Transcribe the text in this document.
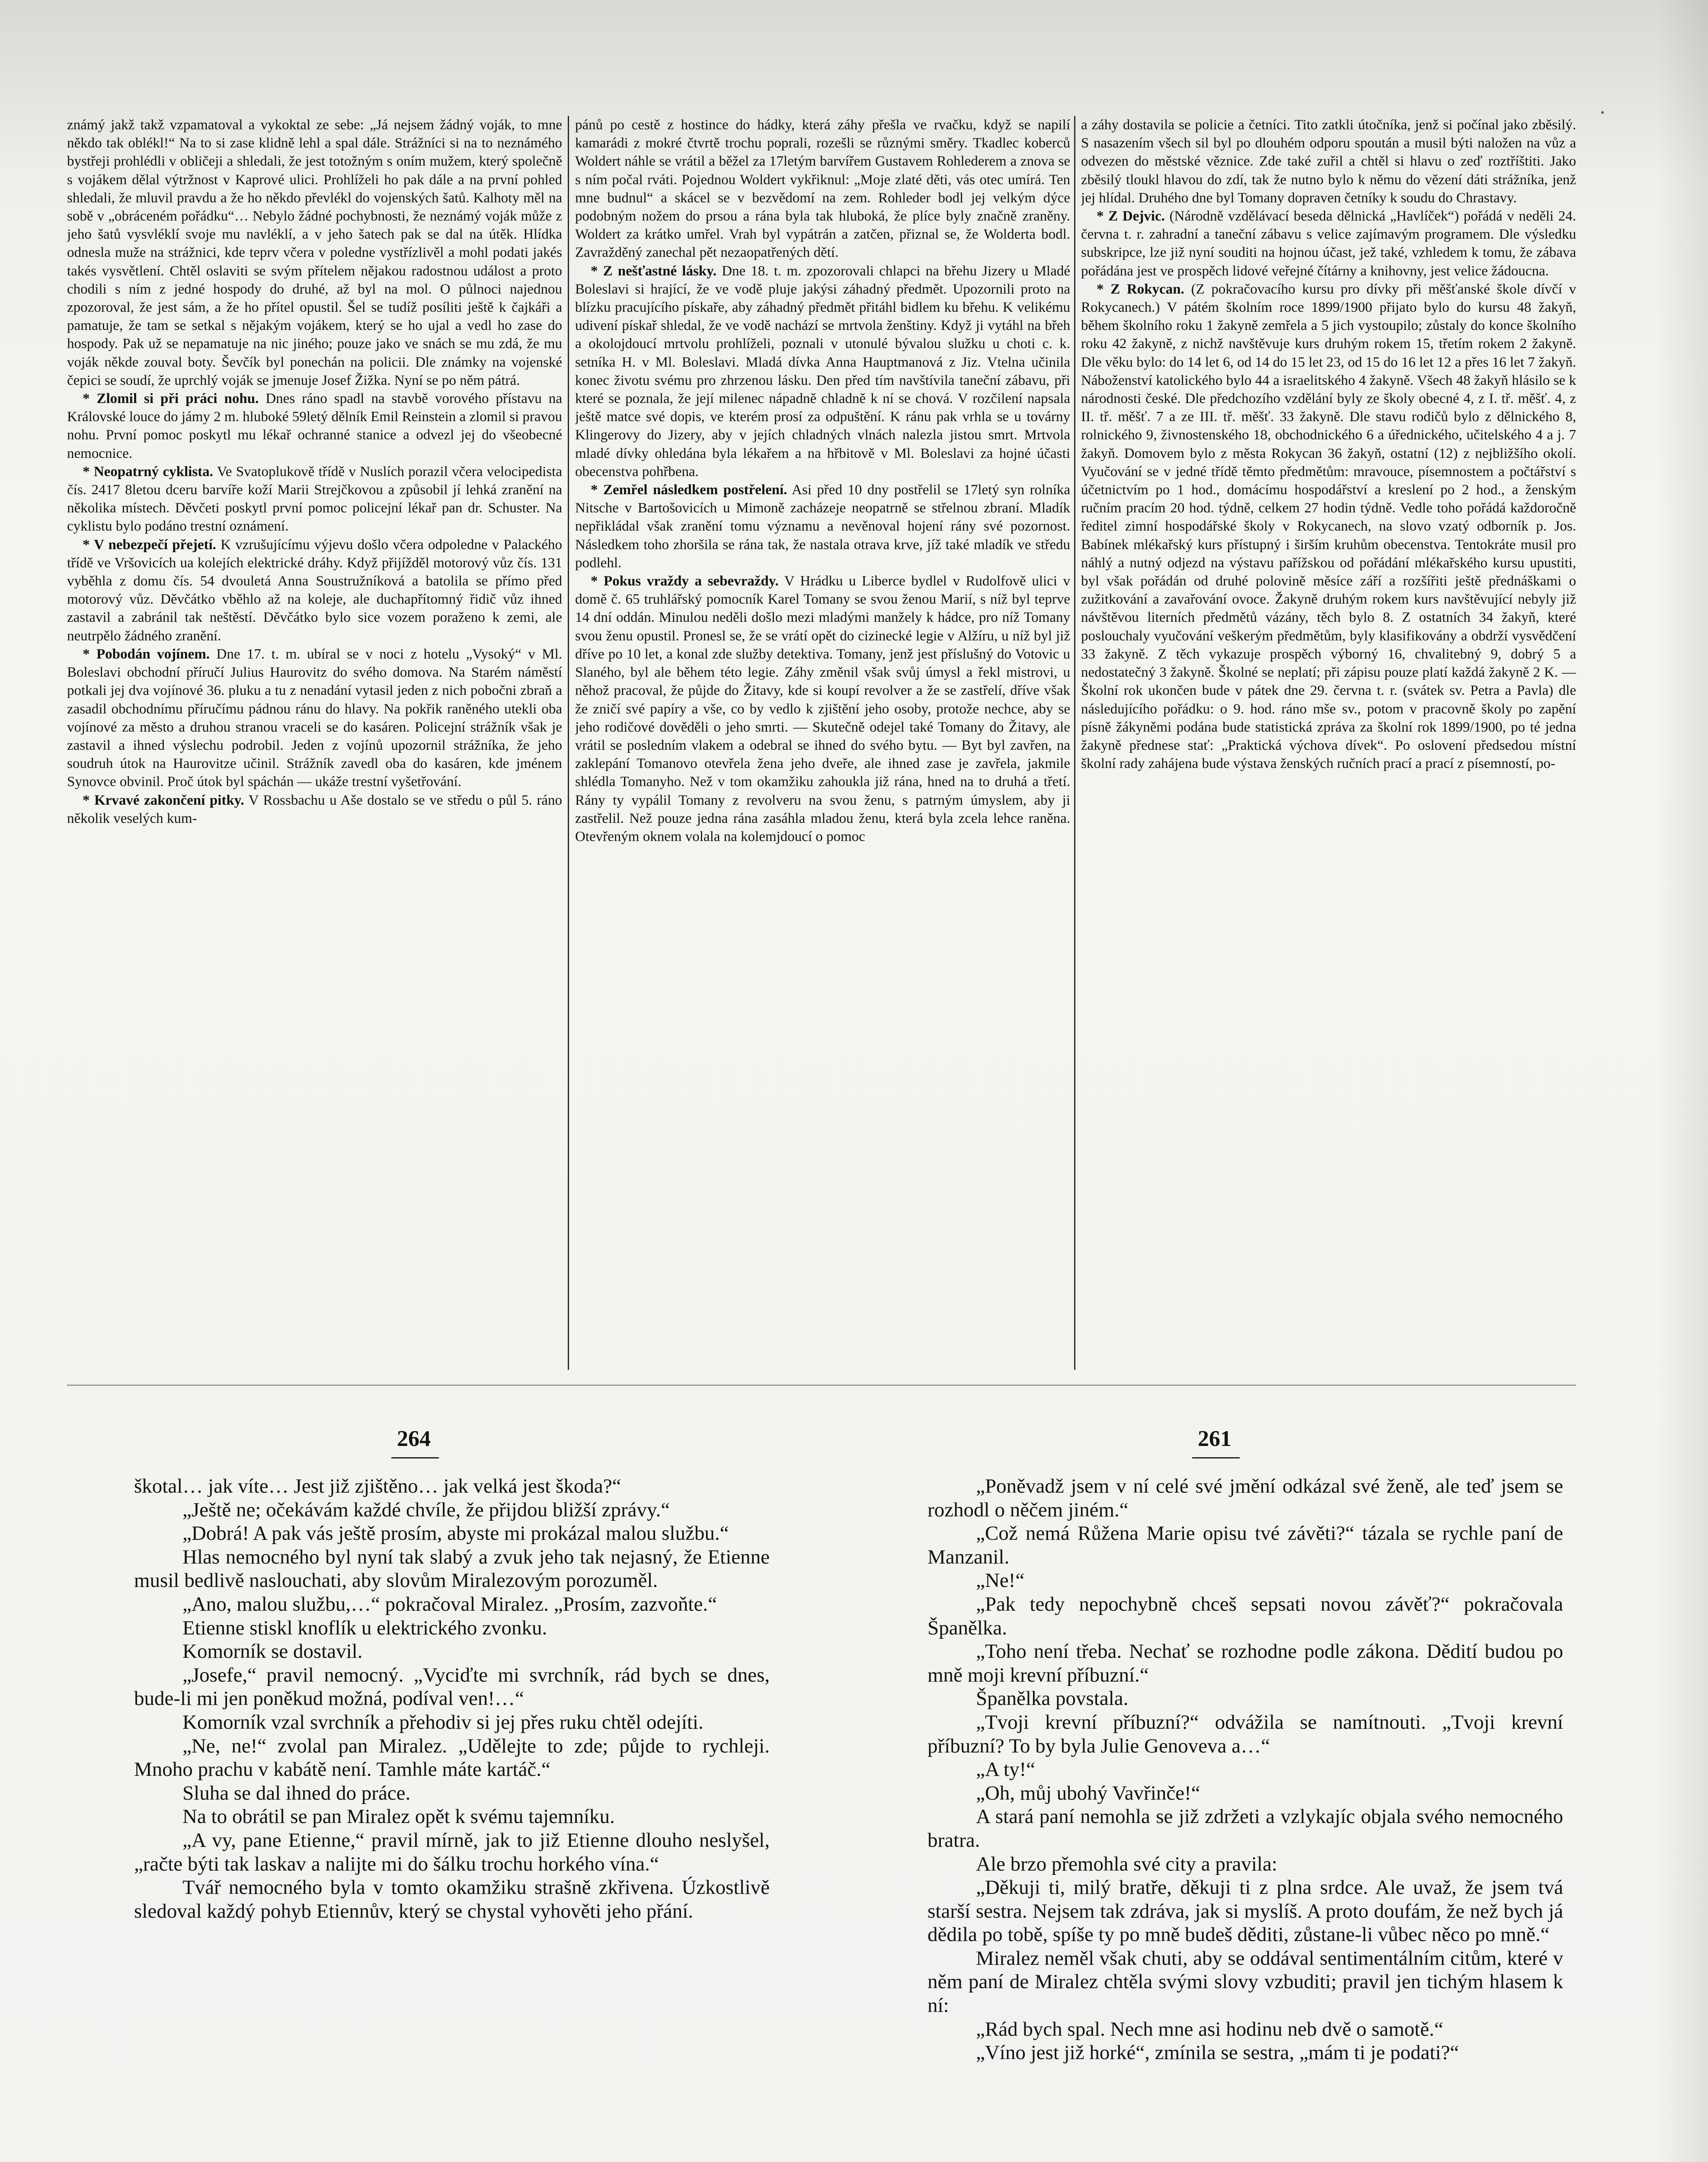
známý jakž takž vzpamatoval a vykoktal ze sebe: „Já nejsem žádný voják, to mne někdo tak oblékl!“ Na to si zase klidně lehl a spal dále. Strážníci si na to neznámého bystřeji prohlédli v obličeji a shledali, že jest totožným s oním mužem, který společně s vojákem dělal výtržnost v Kaprové ulici. Prohlíželi ho pak dále a na první pohled shledali, že mluvil pravdu a že ho někdo převlékl do vojenských šatů. Kalhoty měl na sobě v „obráceném pořádku“… Nebylo žádné pochybnosti, že neznámý voják může z jeho šatů vysvléklí svoje mu navléklí, a v jeho šatech pak se dal na útěk. Hlídka odnesla muže na strážnici, kde teprv včera v poledne vystřízlivěl a mohl podati jakés takés vysvětlení. Chtěl oslaviti se svým přítelem nějakou radostnou událost a proto chodili s ním z jedné hospody do druhé, až byl na mol. O půlnoci najednou zpozoroval, že jest sám, a že ho přítel opustil. Šel se tudíž posíliti ještě k čajkáři a pamatuje, že tam se setkal s nějakým vojákem, který se ho ujal a vedl ho zase do hospody. Pak už se nepamatuje na nic jiného; pouze jako ve snách se mu zdá, že mu voják někde zouval boty. Ševčík byl ponechán na policii. Dle známky na vojenské čepici se soudí, že uprchlý voják se jmenuje Josef Žižka. Nyní se po něm pátrá.

* Zlomil si při práci nohu. Dnes ráno spadl na stavbě vorového přístavu na Královské louce do jámy 2 m. hluboké 59letý dělník Emil Reinstein a zlomil si pravou nohu. První pomoc poskytl mu lékař ochranné stanice a odvezl jej do všeobecné nemocnice.

* Neopatrný cyklista. Ve Svatoplukově třídě v Nuslích porazil včera velocipedista čís. 2417 8letou dceru barvíře koží Marii Strejčkovou a způsobil jí lehká zranění na několika místech. Děvčeti poskytl první pomoc policejní lékař pan dr. Schuster. Na cyklistu bylo podáno trestní oznámení.

* V nebezpečí přejetí. K vzrušujícímu výjevu došlo včera odpoledne v Palackého třídě ve Vršovicích ua kolejích elektrické dráhy. Když přijížděl motorový vůz čís. 131 vyběhla z domu čís. 54 dvouletá Anna Soustružníková a batolila se přímo před motorový vůz. Děvčátko vběhlo až na koleje, ale duchapřítomný řidič vůz ihned zastavil a zabránil tak neštěstí. Děvčátko bylo sice vozem poraženo k zemi, ale neutrpělo žádného zranění.

* Pobodán vojínem. Dne 17. t. m. ubíral se v noci z hotelu „Vysoký“ v Ml. Boleslavi obchodní příručí Julius Haurovitz do svého domova. Na Starém náměstí potkali jej dva vojínové 36. pluku a tu z nenadání vytasil jeden z nich pobočni zbraň a zasadil obchodnímu příručímu pádnou ránu do hlavy. Na pokřik raněného utekli oba vojínové za město a druhou stranou vraceli se do kasáren. Policejní strážník však je zastavil a ihned výslechu podrobil. Jeden z vojínů upozornil strážníka, že jeho soudruh útok na Haurovitze učinil. Strážník zavedl oba do kasáren, kde jménem Synovce obvinil. Proč útok byl spáchán — ukáže trestní vyšetřování.

* Krvavé zakončení pitky. V Rossbachu u Aše dostalo se ve středu o půl 5. ráno několik veselých kum-

pánů po cestě z hostince do hádky, která záhy přešla ve rvačku, když se napilí kamarádi z mokré čtvrtě trochu poprali, rozešli se různými směry. Tkadlec koberců Woldert náhle se vrátil a běžel za 17letým barvířem Gustavem Rohlederem a znova se s ním počal rváti. Pojednou Woldert vykřiknul: „Moje zlaté děti, vás otec umírá. Ten mne budnul“ a skácel se v bezvědomí na zem. Rohleder bodl jej velkým dýce podobným nožem do prsou a rána byla tak hluboká, že plíce byly značně zraněny. Woldert za krátko umřel. Vrah byl vypátrán a zatčen, přiznal se, že Wolderta bodl. Zavražděný zanechal pět nezaopatřených dětí.

* Z nešťastné lásky. Dne 18. t. m. zpozorovali chlapci na břehu Jizery u Mladé Boleslavi si hrající, že ve vodě pluje jakýsi záhadný předmět. Upozornili proto na blízku pracujícího pískaře, aby záhadný předmět přitáhl bidlem ku břehu. K velikému udivení pískař shledal, že ve vodě nachází se mrtvola ženštiny. Když ji vytáhl na břeh a okolojdoucí mrtvolu prohlíželi, poznali v utonulé bývalou služku u choti c. k. setníka H. v Ml. Boleslavi. Mladá dívka Anna Hauptmanová z Jiz. Vtelna učinila konec životu svému pro zhrzenou lásku. Den před tím navštívila taneční zábavu, při které se poznala, že její milenec nápadně chladně k ní se chová. V rozčilení napsala ještě matce své dopis, ve kterém prosí za odpuštění. K ránu pak vrhla se u továrny Klingerovy do Jizery, aby v jejích chladných vlnách nalezla jistou smrt. Mrtvola mladé dívky ohledána byla lékařem a na hřbitově v Ml. Boleslavi za hojné účasti obecenstva pohřbena.

* Zemřel následkem postřelení. Asi před 10 dny postřelil se 17letý syn rolníka Nitsche v Bartošovicích u Mimoně zacházeje neopatrně se střelnou zbraní. Mladík nepřikládal však zranění tomu významu a nevěnoval hojení rány své pozornost. Následkem toho zhoršila se rána tak, že nastala otrava krve, jíž také mladík ve středu podlehl.

* Pokus vraždy a sebevraždy. V Hrádku u Liberce bydlel v Rudolfově ulici v domě č. 65 truhlářský pomocník Karel Tomany se svou ženou Marií, s níž byl teprve 14 dní oddán. Minulou neděli došlo mezi mladými manžely k hádce, pro níž Tomany svou ženu opustil. Pronesl se, že se vrátí opět do cizinecké legie v Alžíru, u níž byl již dříve po 10 let, a konal zde služby detektiva. Tomany, jenž jest příslušný do Votovic u Slaného, byl ale během této legie. Záhy změnil však svůj úmysl a řekl mistrovi, u něhož pracoval, že půjde do Žitavy, kde si koupí revolver a že se zastřelí, dříve však že zničí své papíry a vše, co by vedlo k zjištění jeho osoby, protože nechce, aby se jeho rodičové dověděli o jeho smrti. — Skutečně odejel také Tomany do Žitavy, ale vrátil se posledním vlakem a odebral se ihned do svého bytu. — Byt byl zavřen, na zaklepání Tomanovo otevřela žena jeho dveře, ale ihned zase je zavřela, jakmile shlédla Tomanyho. Než v tom okamžiku zahoukla již rána, hned na to druhá a třetí. Rány ty vypálil Tomany z revolveru na svou ženu, s patrným úmyslem, aby ji zastřelil. Než pouze jedna rána zasáhla mladou ženu, která byla zcela lehce raněna. Otevřeným oknem volala na kolemjdoucí o pomoc

a záhy dostavila se policie a četníci. Tito zatkli útočníka, jenž si počínal jako zběsilý. S nasazením všech sil byl po dlouhém odporu spoután a musil býti naložen na vůz a odvezen do městské věznice. Zde také zuřil a chtěl si hlavu o zeď roztříštiti. Jako zběsilý tloukl hlavou do zdí, tak že nutno bylo k němu do vězení dáti strážníka, jenž jej hlídal. Druhého dne byl Tomany dopraven četníky k soudu do Chrastavy.

* Z Dejvic. (Národně vzdělávací beseda dělnická „Havlíček“) pořádá v neděli 24. června t. r. zahradní a taneční zábavu s velice zajímavým programem. Dle výsledku subskripce, lze již nyní souditi na hojnou účast, jež také, vzhledem k tomu, že zábava pořádána jest ve prospěch lidové veřejné čítárny a knihovny, jest velice žádoucna.

* Z Rokycan. (Z pokračovacího kursu pro dívky při měšťanské škole dívčí v Rokycanech.) V pátém školním roce 1899/1900 přijato bylo do kursu 48 žakyň, během školního roku 1 žakyně zemřela a 5 jich vystoupilo; zůstaly do konce školního roku 42 žakyně, z nichž navštěvuje kurs druhým rokem 15, třetím rokem 2 žakyně. Dle věku bylo: do 14 let 6, od 14 do 15 let 23, od 15 do 16 let 12 a přes 16 let 7 žakyň. Náboženství katolického bylo 44 a israelitského 4 žakyně. Všech 48 žakyň hlásilo se k národnosti české. Dle předchozího vzdělání byly ze školy obecné 4, z I. tř. měšť. 4, z II. tř. měšť. 7 a ze III. tř. měšť. 33 žakyně. Dle stavu rodičů bylo z dělnického 8, rolnického 9, živnostenského 18, obchodnického 6 a úřednického, učitelského 4 a j. 7 žakyň. Domovem bylo z města Rokycan 36 žakyň, ostatní (12) z nejbližšího okolí. Vyučování se v jedné třídě těmto předmětům: mravouce, písemnostem a počtářství s účetnictvím po 1 hod., domácímu hospodářství a kreslení po 2 hod., a ženským ručním pracím 20 hod. týdně, celkem 27 hodin týdně. Vedle toho pořádá každoročně ředitel zimní hospodářské školy v Rokycanech, na slovo vzatý odborník p. Jos. Babínek mlékařský kurs přístupný i širším kruhům obecenstva. Tentokráte musil pro náhlý a nutný odjezd na výstavu pařížskou od pořádání mlékařského kursu upustiti, byl však pořádán od druhé polovině měsíce září a rozšířiti ještě přednáškami o zužitkování a zavařování ovoce. Žakyně druhým rokem kurs navštěvující nebyly již návštěvou literních předmětů vázány, těch bylo 8. Z ostatních 34 žakyň, které poslouchaly vyučování veškerým předmětům, byly klasifikovány a obdrží vysvědčení 33 žakyně. Z těch vykazuje prospěch výborný 16, chvalitebný 9, dobrý 5 a nedostatečný 3 žakyně. Školné se neplatí; při zápisu pouze platí každá žakyně 2 K. — Školní rok ukončen bude v pátek dne 29. června t. r. (svátek sv. Petra a Pavla) dle následujícího pořádku: o 9. hod. ráno mše sv., potom v pracovně školy po zapění písně žákyněmi podána bude statistická zpráva za školní rok 1899/1900, po té jedna žakyně přednese stať: „Praktická výchova dívek“. Po oslovení předsedou místní školní rady zahájena bude výstava ženských ručních prací a prací z písemností, po-

264	261

škotal… jak víte… Jest již zjištěno… jak velká jest škoda?“

„Ještě ne; očekávám každé chvíle, že přijdou bližší zprávy.“

„Dobrá! A pak vás ještě prosím, abyste mi prokázal malou službu.“

Hlas nemocného byl nyní tak slabý a zvuk jeho tak nejasný, že Etienne musil bedlivě naslouchati, aby slovům Miralezovým porozuměl.

„Ano, malou službu,…“ pokračoval Miralez. „Prosím, zazvoňte.“

Etienne stiskl knoflík u elektrického zvonku.

Komorník se dostavil.

„Josefe,“ pravil nemocný. „Vyciďte mi svrchník, rád bych se dnes, bude-li mi jen poněkud možná, podíval ven!…“

Komorník vzal svrchník a přehodiv si jej přes ruku chtěl odejíti.

„Ne, ne!“ zvolal pan Miralez. „Udělejte to zde; půjde to rychleji. Mnoho prachu v kabátě není. Tamhle máte kartáč.“

Sluha se dal ihned do práce.

Na to obrátil se pan Miralez opět k svému tajemníku.

„A vy, pane Etienne,“ pravil mírně, jak to již Etienne dlouho neslyšel, „račte býti tak laskav a nalijte mi do šálku trochu horkého vína.“

Tvář nemocného byla v tomto okamžiku strašně zkřivena. Úzkostlivě sledoval každý pohyb Etiennův, který se chystal vyhověti jeho přání.

„Poněvadž jsem v ní celé své jmění odkázal své ženě, ale teď jsem se rozhodl o něčem jiném.“

„Což nemá Růžena Marie opisu tvé závěti?“ tázala se rychle paní de Manzanil.

„Ne!“

„Pak tedy nepochybně chceš sepsati novou závěť?“ pokračovala Španělka.

„Toho není třeba. Nechať se rozhodne podle zákona. Dědití budou po mně moji krevní příbuzní.“

Španělka povstala.

„Tvoji krevní příbuzní?“ odvážila se namítnouti. „Tvoji krevní příbuzní? To by byla Julie Genoveva a…“

„A ty!“

„Oh, můj ubohý Vavřinče!“

A stará paní nemohla se již zdržeti a vzlykajíc objala svého nemocného bratra.

Ale brzo přemohla své city a pravila:

„Děkuji ti, milý bratře, děkuji ti z plna srdce. Ale uvaž, že jsem tvá starší sestra. Nejsem tak zdráva, jak si myslíš. A proto doufám, že než bych já dědila po tobě, spíše ty po mně budeš děditi, zůstane-li vůbec něco po mně.“

Miralez neměl však chuti, aby se oddával sentimentálním citům, které v něm paní de Miralez chtěla svými slovy vzbuditi; pravil jen tichým hlasem k ní:

„Rád bych spal. Nech mne asi hodinu neb dvě o samotě.“

„Víno jest již horké“, zmínila se sestra, „mám ti je podati?“
